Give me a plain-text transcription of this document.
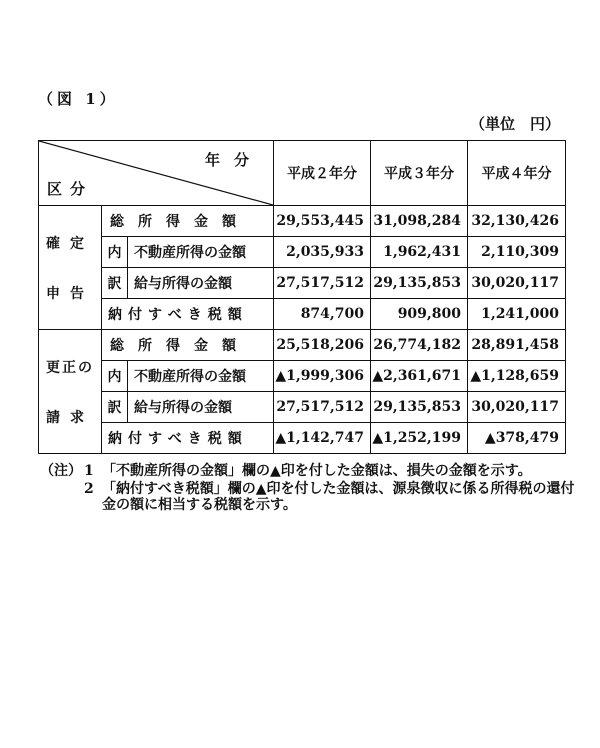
（図 1）
（単位　円）
年分
区分			平成２年分	平成３年分	平成４年分

確定
申告	総所得金額		29,553,445	31,098,284	32,130,426
	内	不動産所得の金額	2,035,933	1,962,431	2,110,309
	訳	給与所得の金額	27,517,512	29,135,853	30,020,117
	納付すべき税額		874,700	909,800	1,241,000

更正の
請求	総所得金額		25,518,206	26,774,182	28,891,458
	内	不動産所得の金額	▲1,999,306	▲2,361,671	▲1,128,659
	訳	給与所得の金額	27,517,512	29,135,853	30,020,117
	納付すべき税額		▲1,142,747	▲1,252,199	▲378,479
（注） 1 「不動産所得の金額」欄の▲印を付した金額は、損失の金額を示す。
2 「納付すべき税額」欄の▲印を付した金額は、源泉徴収に係る所得税の還付金の額に相当する税額を示す。
